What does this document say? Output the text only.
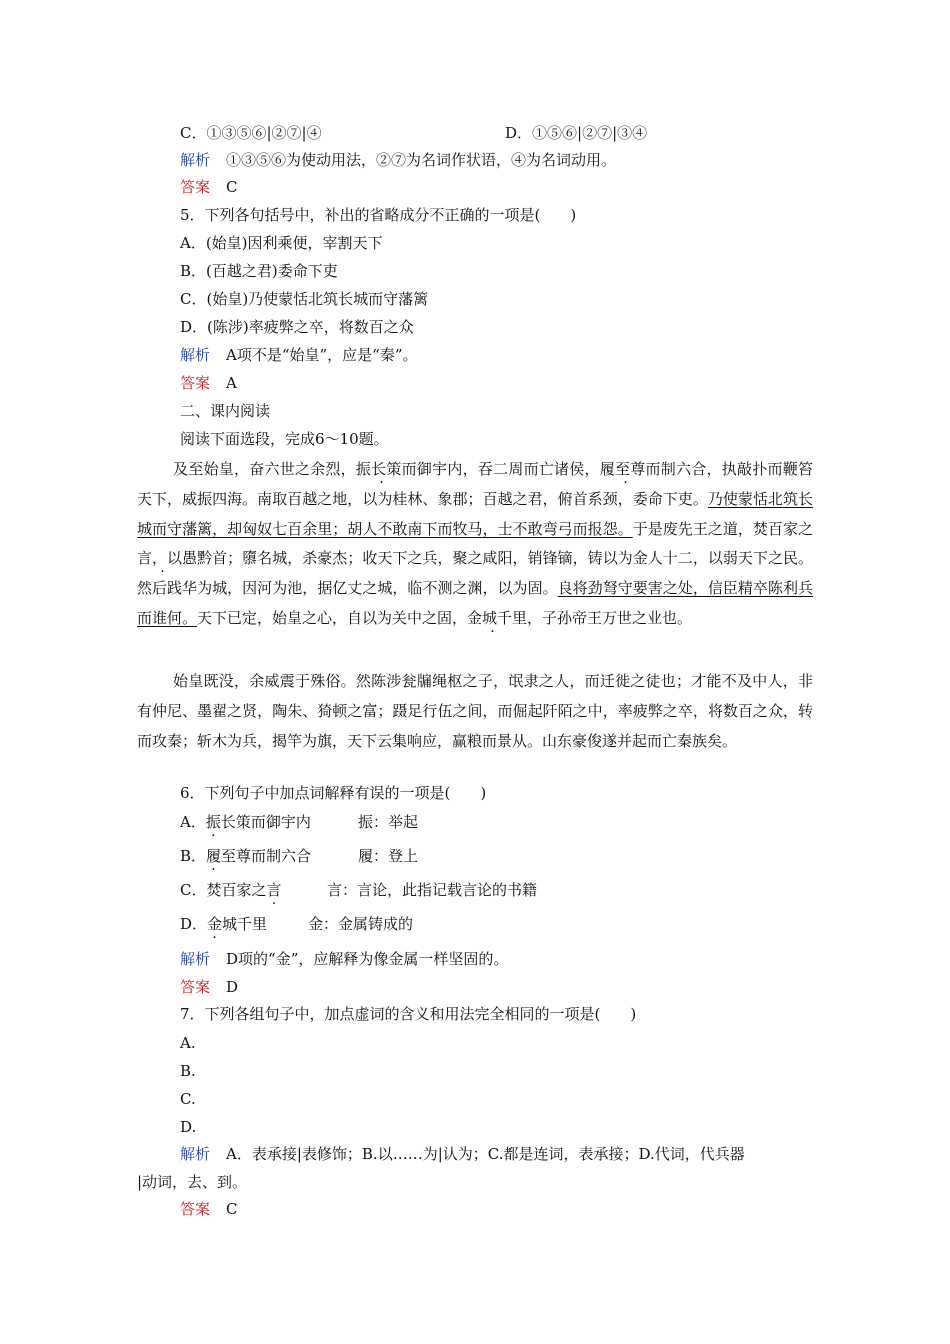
C．①③⑤⑥|②⑦|④	D．①⑤⑥|②⑦|③④
解析 ①③⑤⑥为使动用法，②⑦为名词作状语，④为名词动用。
答案 C
5．下列各句括号中，补出的省略成分不正确的一项是(　　)
A．(始皇)因利乘便，宰割天下
B．(百越之君)委命下吏
C．(始皇)乃使蒙恬北筑长城而守藩篱
D．(陈涉)率疲弊之卒，将数百之众
解析 A项不是“始皇”，应是“秦”。
答案 A
二、课内阅读
阅读下面选段，完成6～10题。
及至始皇，奋六世之余烈，振长策而御宇内，吞二周而亡诸侯，履至尊而制六合，执敲扑而鞭笞天下，威振四海。南取百越之地，以为桂林、象郡；百越之君，俯首系颈，委命下吏。乃使蒙恬北筑长城而守藩篱，却匈奴七百余里；胡人不敢南下而牧马，士不敢弯弓而报怨。于是废先王之道，焚百家之言，以愚黔首；隳名城，杀豪杰；收天下之兵，聚之咸阳，销锋镝，铸以为金人十二，以弱天下之民。然后践华为城，因河为池，据亿丈之城，临不测之渊，以为固。良将劲弩守要害之处，信臣精卒陈利兵而谁何。天下已定，始皇之心，自以为关中之固，金城千里，子孙帝王万世之业也。
始皇既没，余威震于殊俗。然陈涉瓮牖绳枢之子，氓隶之人，而迁徙之徒也；才能不及中人，非有仲尼、墨翟之贤，陶朱、猗顿之富；蹑足行伍之间，而倔起阡陌之中，率疲弊之卒，将数百之众，转而攻秦；斩木为兵，揭竿为旗，天下云集响应，赢粮而景从。山东豪俊遂并起而亡秦族矣。
6．下列句子中加点词解释有误的一项是(　　)
A．振长策而御宇内	振：举起
B．履至尊而制六合	履：登上
C．焚百家之言	言：言论，此指记载言论的书籍
D．金城千里	金：金属铸成的
解析 D项的“金”，应解释为像金属一样坚固的。
答案 D
7．下列各组句子中，加点虚词的含义和用法完全相同的一项是(　　)
A.
B.
C.
D.
解析 A．表承接|表修饰；B.以……为|认为；C.都是连词，表承接；D.代词，代兵器
|动词，去、到。
答案 C
